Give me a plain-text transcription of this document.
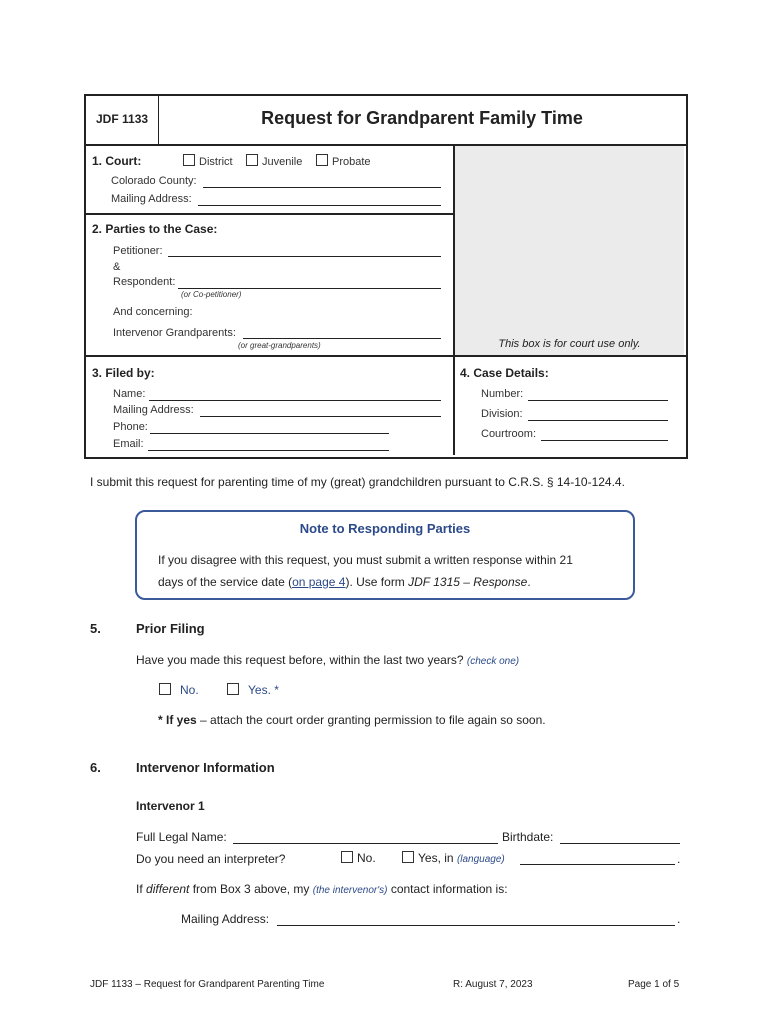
JDF 1133	Request for Grandparent Family Time
This box is for court use only.
1. Court:	District	Juvenile	Probate
Colorado County:
Mailing Address:
2. Parties to the Case:
Petitioner:
&
Respondent:
(or Co-petitioner)
And concerning:
Intervenor Grandparents:
(or great-grandparents)
3. Filed by:
Name:
Mailing Address:
Phone:
Email:
4. Case Details:
Number:
Division:
Courtroom:
I submit this request for parenting time of my (great) grandchildren pursuant to C.R.S. § 14-10-124.4.
Note to Responding Parties
If you disagree with this request, you must submit a written response within 21
days of the service date (on page 4). Use form JDF 1315 – Response.
5.	Prior Filing
Have you made this request before, within the last two years? (check one)
No.	Yes. *
* If yes – attach the court order granting permission to file again so soon.
6.	Intervenor Information
Intervenor 1
Full Legal Name:	Birthdate:
Do you need an interpreter?	No.	Yes, in (language)	.
If different from Box 3 above, my (the intervenor's) contact information is:
Mailing Address:	.
JDF 1133 – Request for Grandparent Parenting Time	R: August 7, 2023	Page 1 of 5
